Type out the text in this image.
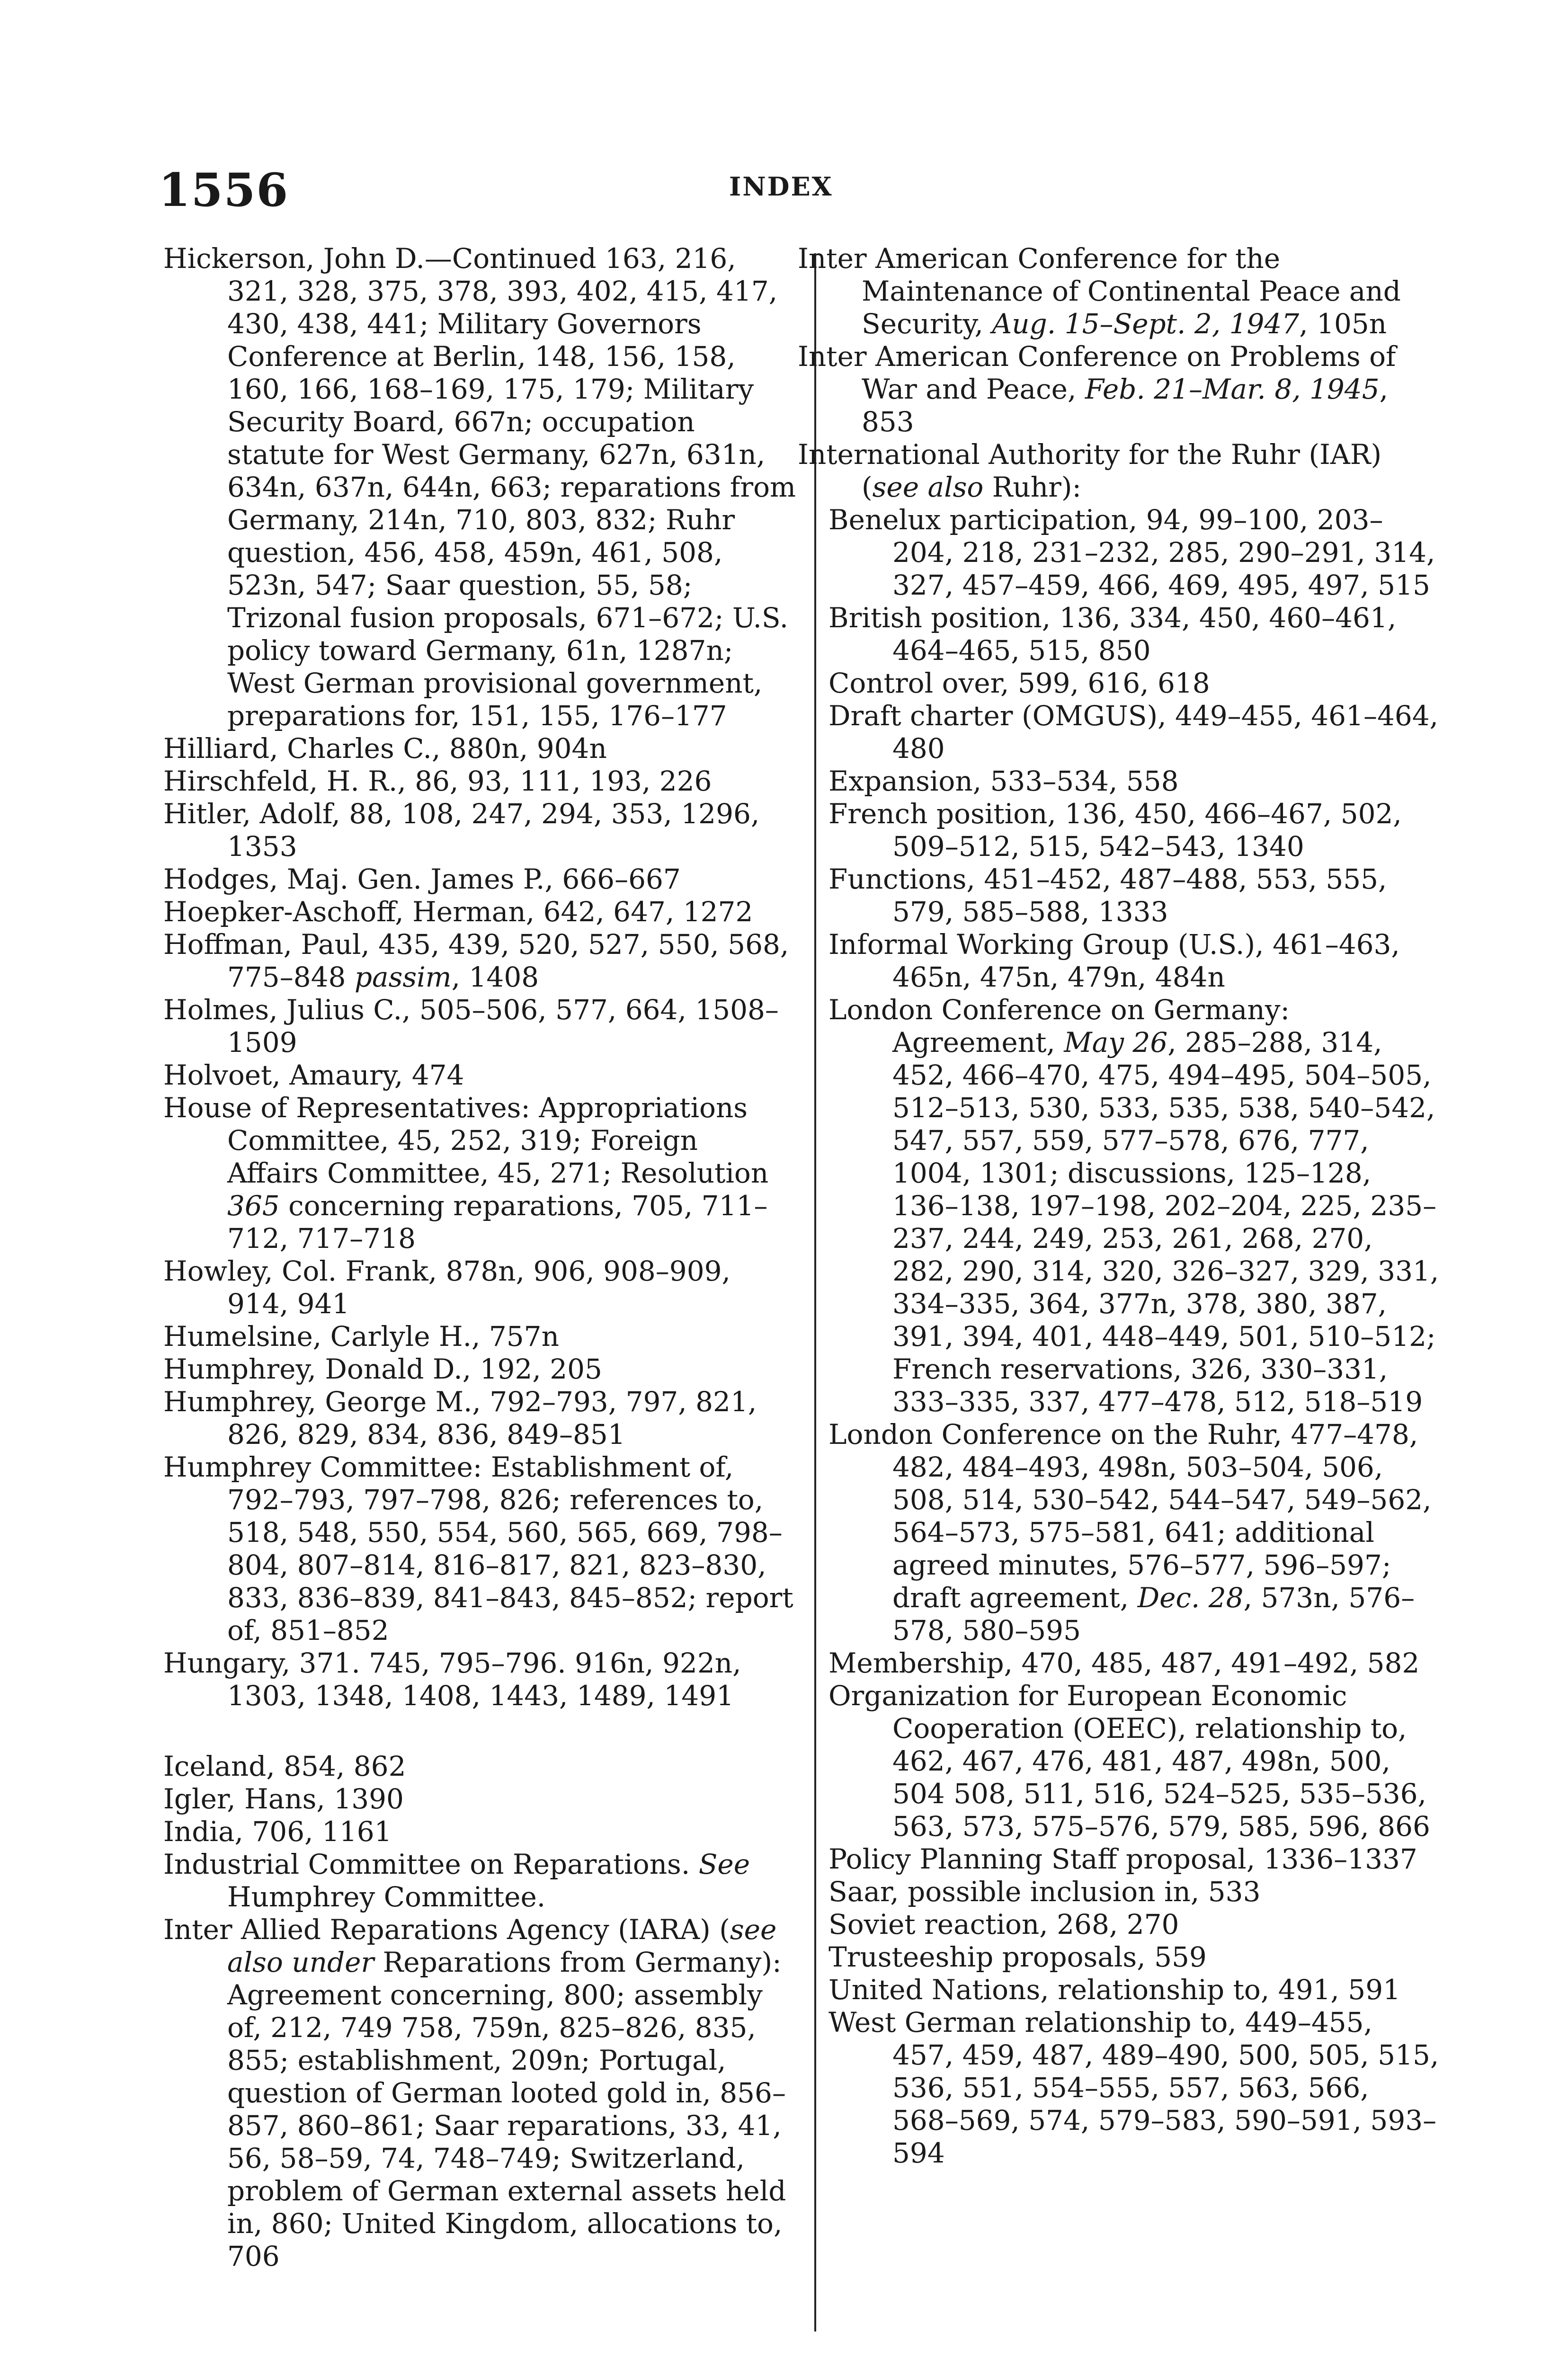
1556	INDEX
Hickerson, John D.—Continued 163, 216, 321, 328, 375, 378, 393, 402, 415, 417, 430, 438, 441; Military Governors Conference at Berlin, 148, 156, 158, 160, 166, 168–169, 175, 179; Military Security Board, 667n; occupation statute for West Germany, 627n, 631n, 634n, 637n, 644n, 663; reparations from Germany, 214n, 710, 803, 832; Ruhr question, 456, 458, 459n, 461, 508, 523n, 547; Saar question, 55, 58; Trizonal fusion proposals, 671–672; U.S. policy toward Germany, 61n, 1287n; West German provisional government, preparations for, 151, 155, 176–177
Hilliard, Charles C., 880n, 904n
Hirschfeld, H. R., 86, 93, 111, 193, 226
Hitler, Adolf, 88, 108, 247, 294, 353, 1296, 1353
Hodges, Maj. Gen. James P., 666–667
Hoepker-Aschoff, Herman, 642, 647, 1272
Hoffman, Paul, 435, 439, 520, 527, 550, 568, 775–848 passim, 1408
Holmes, Julius C., 505–506, 577, 664, 1508–1509
Holvoet, Amaury, 474
House of Representatives: Appropriations Committee, 45, 252, 319; Foreign Affairs Committee, 45, 271; Resolution 365 concerning reparations, 705, 711–712, 717–718
Howley, Col. Frank, 878n, 906, 908–909, 914, 941
Humelsine, Carlyle H., 757n
Humphrey, Donald D., 192, 205
Humphrey, George M., 792–793, 797, 821, 826, 829, 834, 836, 849–851
Humphrey Committee: Establishment of, 792–793, 797–798, 826; references to, 518, 548, 550, 554, 560, 565, 669, 798–804, 807–814, 816–817, 821, 823–830, 833, 836–839, 841–843, 845–852; report of, 851–852
Hungary, 371. 745, 795–796. 916n, 922n, 1303, 1348, 1408, 1443, 1489, 1491
Iceland, 854, 862
Igler, Hans, 1390
India, 706, 1161
Industrial Committee on Reparations. See Humphrey Committee.
Inter Allied Reparations Agency (IARA) (see also under Reparations from Germany): Agreement concerning, 800; assembly of, 212, 749 758, 759n, 825–826, 835, 855; establishment, 209n; Portugal, question of German looted gold in, 856–857, 860–861; Saar reparations, 33, 41, 56, 58–59, 74, 748–749; Switzerland, problem of German external assets held in, 860; United Kingdom, allocations to, 706
Inter American Conference for the Maintenance of Continental Peace and Security, Aug. 15–Sept. 2, 1947, 105n
Inter American Conference on Problems of War and Peace, Feb. 21–Mar. 8, 1945, 853
International Authority for the Ruhr (IAR) (see also Ruhr):
Benelux participation, 94, 99–100, 203–204, 218, 231–232, 285, 290–291, 314, 327, 457–459, 466, 469, 495, 497, 515
British position, 136, 334, 450, 460–461, 464–465, 515, 850
Control over, 599, 616, 618
Draft charter (OMGUS), 449–455, 461–464, 480
Expansion, 533–534, 558
French position, 136, 450, 466–467, 502, 509–512, 515, 542–543, 1340
Functions, 451–452, 487–488, 553, 555, 579, 585–588, 1333
Informal Working Group (U.S.), 461–463, 465n, 475n, 479n, 484n
London Conference on Germany: Agreement, May 26, 285–288, 314, 452, 466–470, 475, 494–495, 504–505, 512–513, 530, 533, 535, 538, 540–542, 547, 557, 559, 577–578, 676, 777, 1004, 1301; discussions, 125–128, 136–138, 197–198, 202–204, 225, 235–237, 244, 249, 253, 261, 268, 270, 282, 290, 314, 320, 326–327, 329, 331, 334–335, 364, 377n, 378, 380, 387, 391, 394, 401, 448–449, 501, 510–512; French reservations, 326, 330–331, 333–335, 337, 477–478, 512, 518–519
London Conference on the Ruhr, 477–478, 482, 484–493, 498n, 503–504, 506, 508, 514, 530–542, 544–547, 549–562, 564–573, 575–581, 641; additional agreed minutes, 576–577, 596–597; draft agreement, Dec. 28, 573n, 576–578, 580–595
Membership, 470, 485, 487, 491–492, 582
Organization for European Economic Cooperation (OEEC), relationship to, 462, 467, 476, 481, 487, 498n, 500, 504 508, 511, 516, 524–525, 535–536, 563, 573, 575–576, 579, 585, 596, 866
Policy Planning Staff proposal, 1336–1337
Saar, possible inclusion in, 533
Soviet reaction, 268, 270
Trusteeship proposals, 559
United Nations, relationship to, 491, 591
West German relationship to, 449–455, 457, 459, 487, 489–490, 500, 505, 515, 536, 551, 554–555, 557, 563, 566, 568–569, 574, 579–583, 590–591, 593–594
